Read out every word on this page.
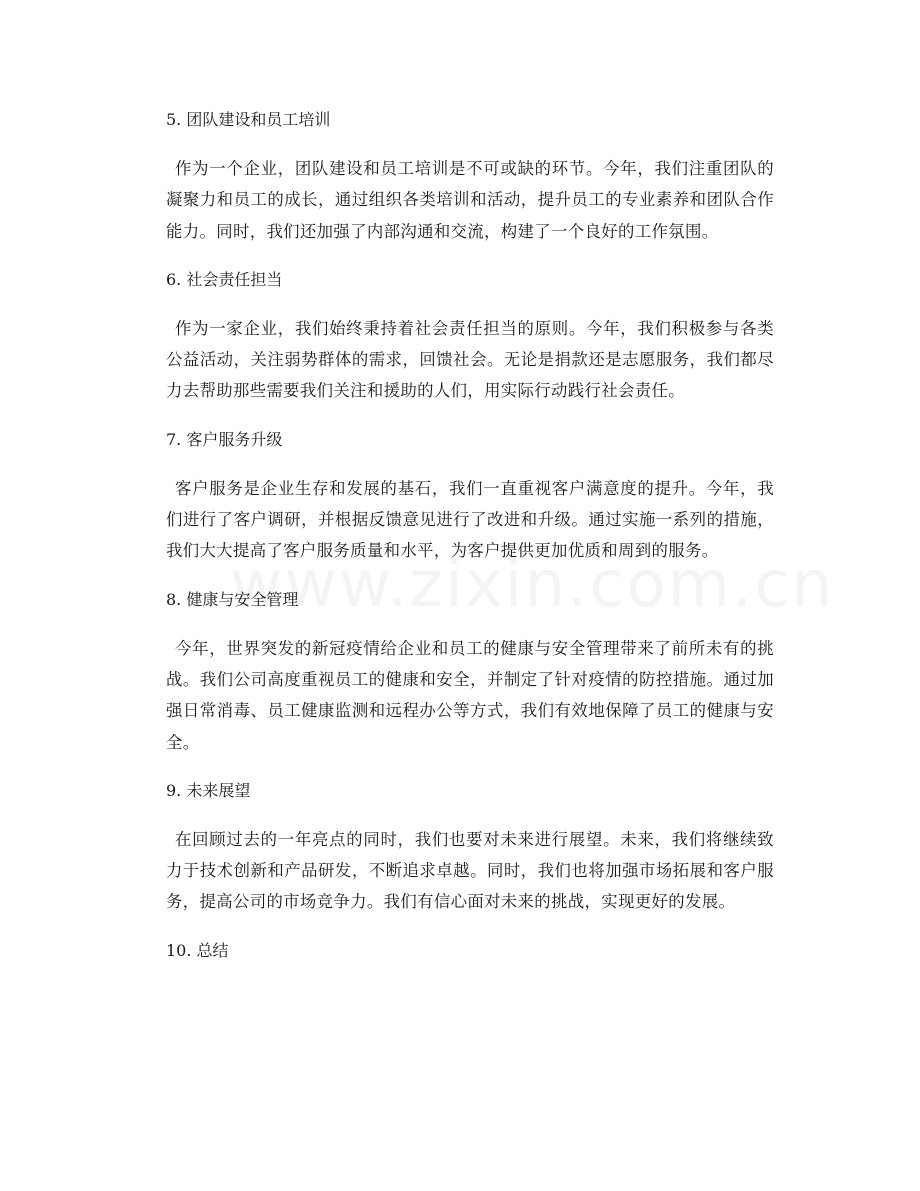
5. 团队建设和员工培训

作为一个企业，团队建设和员工培训是不可或缺的环节。今年，我们注重团队的凝聚力和员工的成长，通过组织各类培训和活动，提升员工的专业素养和团队合作能力。同时，我们还加强了内部沟通和交流，构建了一个良好的工作氛围。

6. 社会责任担当

作为一家企业，我们始终秉持着社会责任担当的原则。今年，我们积极参与各类公益活动，关注弱势群体的需求，回馈社会。无论是捐款还是志愿服务，我们都尽力去帮助那些需要我们关注和援助的人们，用实际行动践行社会责任。

7. 客户服务升级

客户服务是企业生存和发展的基石，我们一直重视客户满意度的提升。今年，我们进行了客户调研，并根据反馈意见进行了改进和升级。通过实施一系列的措施，我们大大提高了客户服务质量和水平，为客户提供更加优质和周到的服务。

8. 健康与安全管理

今年，世界突发的新冠疫情给企业和员工的健康与安全管理带来了前所未有的挑战。我们公司高度重视员工的健康和安全，并制定了针对疫情的防控措施。通过加强日常消毒、员工健康监测和远程办公等方式，我们有效地保障了员工的健康与安全。

9. 未来展望

在回顾过去的一年亮点的同时，我们也要对未来进行展望。未来，我们将继续致力于技术创新和产品研发，不断追求卓越。同时，我们也将加强市场拓展和客户服务，提高公司的市场竞争力。我们有信心面对未来的挑战，实现更好的发展。

10. 总结
